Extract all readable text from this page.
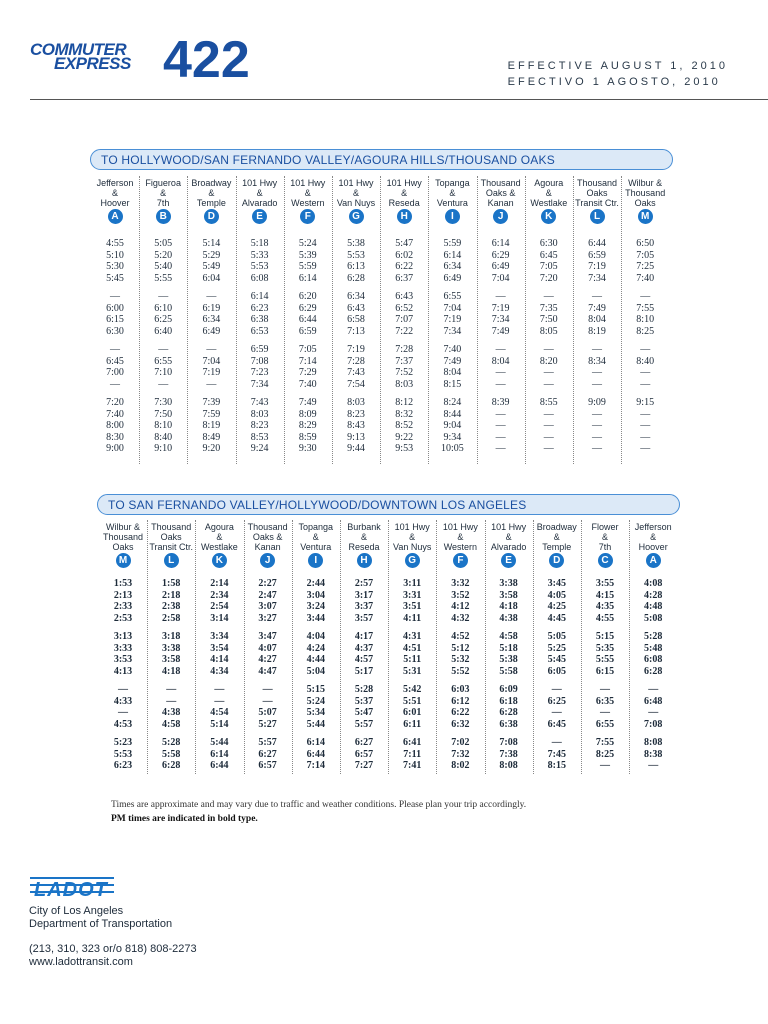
COMMUTER
EXPRESS 422	EFFECTIVE AUGUST 1, 2010
EFECTIVO 1 AGOSTO, 2010
TO HOLLYWOOD/SAN FERNANDO VALLEY/AGOURA HILLS/THOUSAND OAKS
Jefferson
&
Hoover
A
4:55
5:10
5:30
5:45
—
6:00
6:15
6:30
—
6:45
7:00
—
7:20
7:40
8:00
8:30
9:00
Figueroa
&
7th
B
5:05
5:20
5:40
5:55
—
6:10
6:25
6:40
—
6:55
7:10
—
7:30
7:50
8:10
8:40
9:10
Broadway
&
Temple
D
5:14
5:29
5:49
6:04
—
6:19
6:34
6:49
—
7:04
7:19
—
7:39
7:59
8:19
8:49
9:20
101 Hwy
&
Alvarado
E
5:18
5:33
5:53
6:08
6:14
6:23
6:38
6:53
6:59
7:08
7:23
7:34
7:43
8:03
8:23
8:53
9:24
101 Hwy
&
Western
F
5:24
5:39
5:59
6:14
6:20
6:29
6:44
6:59
7:05
7:14
7:29
7:40
7:49
8:09
8:29
8:59
9:30
101 Hwy
&
Van Nuys
G
5:38
5:53
6:13
6:28
6:34
6:43
6:58
7:13
7:19
7:28
7:43
7:54
8:03
8:23
8:43
9:13
9:44
101 Hwy
&
Reseda
H
5:47
6:02
6:22
6:37
6:43
6:52
7:07
7:22
7:28
7:37
7:52
8:03
8:12
8:32
8:52
9:22
9:53
Topanga
&
Ventura
I
5:59
6:14
6:34
6:49
6:55
7:04
7:19
7:34
7:40
7:49
8:04
8:15
8:24
8:44
9:04
9:34
10:05
Thousand
Oaks &
Kanan
J
6:14
6:29
6:49
7:04
—
7:19
7:34
7:49
—
8:04
—
—
8:39
—
—
—
—
Agoura
&
Westlake
K
6:30
6:45
7:05
7:20
—
7:35
7:50
8:05
—
8:20
—
—
8:55
—
—
—
—
Thousand
Oaks
Transit Ctr.
L
6:44
6:59
7:19
7:34
—
7:49
8:04
8:19
—
8:34
—
—
9:09
—
—
—
—
Wilbur &
Thousand
Oaks
M
6:50
7:05
7:25
7:40
—
7:55
8:10
8:25
—
8:40
—
—
9:15
—
—
—
—
TO SAN FERNANDO VALLEY/HOLLYWOOD/DOWNTOWN LOS ANGELES
Wilbur &
Thousand
Oaks
M
1:53
2:13
2:33
2:53
3:13
3:33
3:53
4:13
—
4:33
—
4:53
5:23
5:53
6:23
Thousand
Oaks
Transit Ctr.
L
1:58
2:18
2:38
2:58
3:18
3:38
3:58
4:18
—
—
4:38
4:58
5:28
5:58
6:28
Agoura
&
Westlake
K
2:14
2:34
2:54
3:14
3:34
3:54
4:14
4:34
—
—
4:54
5:14
5:44
6:14
6:44
Thousand
Oaks &
Kanan
J
2:27
2:47
3:07
3:27
3:47
4:07
4:27
4:47
—
—
5:07
5:27
5:57
6:27
6:57
Topanga
&
Ventura
I
2:44
3:04
3:24
3:44
4:04
4:24
4:44
5:04
5:15
5:24
5:34
5:44
6:14
6:44
7:14
Burbank
&
Reseda
H
2:57
3:17
3:37
3:57
4:17
4:37
4:57
5:17
5:28
5:37
5:47
5:57
6:27
6:57
7:27
101 Hwy
&
Van Nuys
G
3:11
3:31
3:51
4:11
4:31
4:51
5:11
5:31
5:42
5:51
6:01
6:11
6:41
7:11
7:41
101 Hwy
&
Western
F
3:32
3:52
4:12
4:32
4:52
5:12
5:32
5:52
6:03
6:12
6:22
6:32
7:02
7:32
8:02
101 Hwy
&
Alvarado
E
3:38
3:58
4:18
4:38
4:58
5:18
5:38
5:58
6:09
6:18
6:28
6:38
7:08
7:38
8:08
Broadway
&
Temple
D
3:45
4:05
4:25
4:45
5:05
5:25
5:45
6:05
—
6:25
—
6:45
—
7:45
8:15
Flower
&
7th
C
3:55
4:15
4:35
4:55
5:15
5:35
5:55
6:15
—
6:35
—
6:55
7:55
8:25
—
Jefferson
&
Hoover
A
4:08
4:28
4:48
5:08
5:28
5:48
6:08
6:28
—
6:48
—
7:08
8:08
8:38
—
Times are approximate and may vary due to traffic and weather conditions. Please plan your trip accordingly.
PM times are indicated in bold type.
LADOT
City of Los Angeles
Department of Transportation
(213, 310, 323 or/o 818) 808-2273
www.ladottransit.com
